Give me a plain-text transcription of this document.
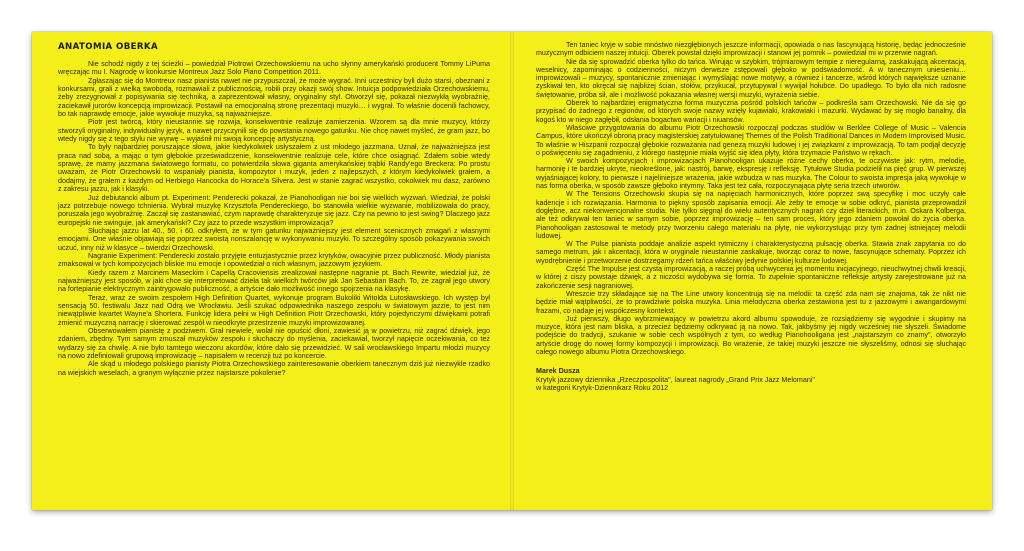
ANATOMIA OBERKA

Nie schodź nigdy z tej ścieżki – powiedział Piotrowi Orzechowskiemu na ucho słynny amerykański producent Tommy LiPuma wręczając mu I. Nagrodę w konkursie Montreux Jazz Solo Piano Competition 2011.

Zgłaszając się do Montreux nasz pianista nawet nie przypuszczał, że może wygrać. Inni uczestnicy byli dużo starsi, obeznani z konkursami, grali z wielką swobodą, rozmawiali z publicznością, robili przy okazji swój show. Intuicja podpowiedziała Orzechowskiemu, żeby zrezygnował z popisywania się techniką, a zaprezentował własny, oryginalny styl. Otworzył się, pokazał niezwykłą wyobraźnię, zaciekawił jurorów koncepcją improwizacji. Postawił na emocjonalną stronę prezentacji muzyki… i wygrał. To właśnie docenili fachowcy, bo tak naprawdę emocje, jakie wywołuje muzyka, są najważniejsze.

Piotr jest twórcą, który nieustannie się rozwija, konsekwentnie realizuje zamierzenia. Wzorem są dla mnie muzycy, którzy stworzyli oryginalny, indywidualny język, a nawet przyczynili się do powstania nowego gatunku. Nie chcę nawet myśleć, że gram jazz, bo wtedy nigdy się z tego stylu nie wyrwę – wyjaśnił mi swoją koncepcję artystyczną.

To były najbardziej poruszające słowa, jakie kiedykolwiek usłyszałem z ust młodego jazzmana. Uznał, że najważniejsza jest praca nad sobą, a mając o tym głębokie przeświadczenie, konsekwentnie realizuje cele, które chce osiągnąć. Zdałem sobie wtedy sprawę, że mamy jazzmana światowego formatu, co potwierdziła słowa gigantа amerykańskiej trąbki Randy'ego Breckera: Po prostu uważam, że Piotr Orzechowski to wspaniały pianista, kompozytor i muzyk, jeden z najlepszych, z którym kiedykolwiek grałem, a dodajmy, że grałem z każdym od Herbiego Hancocka do Horace'a Silvera. Jest w stanie zagrać wszystko, cokolwiek mu dasz, zarówno z zakresu jazzu, jak i klasyki.

Już debiutancki album pt. Experiment: Penderecki pokazał, że Pianohooligan nie boi się wielkich wyzwań. Wiedział, że polski jazz potrzebuje nowego tchnienia. Wybrał muzykę Krzysztofa Pendereckiego, bo stanowiła wielkie wyzwanie, mobilizowała do pracy, poruszała jego wyobraźnię. Zaczął się zastanawiać, czym naprawdę charakteryzuje się jazz. Czy na pewno to jest swing? Dlaczego jazz europejski nie swinguje, jak amerykański? Czy jazz to przede wszystkim improwizacja?

Słuchając jazzu lat 40., 50. i 60. odkryłem, że w tym gatunku najważniejszy jest element scenicznych zmagań z własnymi emocjami. One właśnie objawiają się poprzez swoistą nonszalancję w wykonywaniu muzyki. To szczególny sposób pokazywania swoich uczuć, inny niż w klasyce – twierdzi Orzechowski.

Nagranie Experiment: Penderecki zostało przyjęte entuzjastycznie przez krytyków, owacyjnie przez publiczność. Młody pianista zmaksował w tych kompozycjach bliskie mu emocje i opowiedział o nich własnym, jazzowym językiem.

Kiedy razem z Marcinem Maseckim i Capellą Cracoviensis zrealizował następne nagranie pt. Bach Rewrite, wiedział już, że najważniejszy jest sposób, w jaki chce się interpretować dzieła tak wielkich twórców jak Jan Sebastian Bach. To, że zagrał jego utwory na fortepianie elektrycznym zaintrygowało publiczność, a artyście dało możliwość innego spojrzenia na klasykę.

Teraz, wraz ze swoim zespołem High Definition Quartet, wykonuje program Bukoliki Witolda Lutosławskiego. Ich występ był sensacją 50. festiwalu Jazz nad Odrą we Wrocławiu. Jeśli szukać odpowiednika naszego zespołu w światowym jazzie, to jest nim niewątpliwie kwartet Wayne'a Shortera. Funkcję lidera pełni w High Definition Piotr Orzechowski, który pojedynczymi dźwiękami potrafi zmienić muzyczną narrację i skierować zespół w nieodkryte przestrzenie muzyki improwizowanej.

Obserwowałem pianistę z podziwem. Grał niewiele, wolał nie opuścić dłoni, zawiesić ją w powietrzu, niż zagrać dźwięk, jego zdaniem, zbędny. Tym samym zmuszał muzyków zespołu i słuchaczy do myślenia, zaciekawiał, tworzył napięcie oczekiwania, co też wydarzy się za chwilę. A nie było tamtego wieczoru akordów, które dało się przewidzieć. W sali wrocławskiego Impartu młodzi muzycy na nowo zdefiniowali grupową improwizację – napisałem w recenzji tuż po koncercie.

Ale skąd u młodego polskiego pianisty Piotra Orzechowskiego zainteresowanie oberkiem tanecznym dziś już niezwykle rzadko na wiejskich weselach, a granym wyłącznie przez najstarsze pokolenie?

Ten taniec kryje w sobie mnóstwo niezgłębionych jeszcze informacji, opowiada o nas fascynującą historię, będąc jednocześnie muzycznym odbiciem naszej intuicji. Oberek powstał dzięki improwizacji i stanowi jej pomnik – powiedział mi w przerwie nagrań.

Nie da się sprowadzić oberka tylko do tańca. Wirując w szybkim, trójmiarowym tempie z nieregularną, zaskakującą akcentacją, weselnicy, zapominając o codzienności, niczym derwisze zstępowali głęboko w podświadomość. A w tanecznym uniesieniu… improwizowali – muzycy, spontanicznie zmieniając i wymyślając nowe motywy, a również i tancerze, wśród których największe uznanie zyskiwał ten, kto okręcał się najbliżej ścian, stołów, przykucał, przytupywał i wywijał hołubce. Do upadłego. To było dla nich radosne świętowanie, próba sił, ale i możliwość pokazania własnej wersji muzyki, wyrażenia siebie.

Oberek to najbardziej enigmatyczna forma muzyczna pośród polskich tańców – podkreśla sam Orzechowski. Nie da się go przypisać do żadnego z regionów, od których swoje nazwy wzięły kujawiaki, krakowiaki i mazurki. Wydawać by się mogło banalny, dla kogoś kto w niego zagłębił, odsłania bogactwo wariacji i niuansów.

Właściwe przygotowania do albumu Piotr Orzechowski rozpoczął podczas studiów w Berklee College of Music – Valencia Campus, które ukończył obroną pracy magisterskiej zatytułowanej Themes of the Polish Traditional Dances in Modern Improvised Music. To właśnie w Hiszpanii rozpoczął głębokie rozważania nad genezą muzyki ludowej i jej związkami z improwizacją. To tam podjął decyzję o poświęceniu się zagadnieniu, z którego następnie miała wyjść się idea płyty, która trzymacie Państwo w rękach.

W swoich kompozycjach i improwizacjach Pianohooligan ukazuje różne cechy oberka, te oczywiste jak: rytm, melodię, harmonię i te bardziej ukryte, nieokreślone, jak: nastrój, barwę, ekspresję i refleksję. Tytułowe Studia podzielił na pięć grup. W pierwszej wyjaśniającej kolory, to pierwsze i najeliniejsze wrażenia, jakie wzbudza w nas muzyka. The Colour to swoista impresja jaką wywołuje w nas forma oberka, w sposób zawsze głęboko intymny. Taka jest też cała, rozpoczynająca płytę seria trzech utworów.

W The Tensions Orzechowski skupia się na napięciach harmonicznych, które poprzez swą specyfikę i moc uczyły całe kadencje i ich rozwiązania. Harmonia to piękny sposób zapisania emocji. Ale żeby te emocje w sobie odkryć, pianista przeprowadził dogłębne, acz niekonwencjonalne studia. Nie tylko sięgnął do wielu autentycznych nagrań czy dzieł literackich, m.in. Oskara Kolberga, ale też odkrywał ten taniec w samym sobie, poprzez improwizację – ten sam proces, który jego zdaniem powołał do życia oberka. Pianohooligan zastosował te metody przy tworzeniu całego materiału na płytę, nie wykorzystując przy tym żadnej istniejącej melodii ludowej.

W The Pulse pianista poddaje analizie aspekt rytmiczny i charakterystyczną pulsację oberka. Stawia znak zapytania co do samego metrum, jak i akcentacji, która w oryginale nieustannie zaskakuje, tworząc coraz to nowe, fascynujące schematy. Poprzez ich wyodrębnienie i przetworzenie dostrzegamy rdzeń tańca właściwy jedynie polskiej kulturze ludowej.

Część The Impulse jest czystą improwizacją, a raczej próbą uchwycenia jej momentu inicjacyjnego, nieuchwytnej chwili kreacji, w której z ciszy powstaje dźwięk, a z niczości wydobywa się forma. To zupełnie spontaniczne refleksje artysty zarejestrowane już na zakończenie sesji nagraniowej.

Wreszcie trzy składające się na The Line utwory koncentrują się na melodii: ta część zda nam się znajoma, tak że nikt nie będzie miał wątpliwości, że to prawdziwie polska muzyka. Linia melodyczna oberka zestawiona jest tu z jazzowymi i awangardowymi frazami, co nadaje jej współczesny kontekst.

Już pierwszy, długo wybrzmiewający w powietrzu akord albumu spowoduje, że rozsiądziemy się wygodnie i skupimy na muzyce, która jest nam bliska, a przecież będziemy odkrywać ją na nowo. Tak, jakbyśmy jej nigdy wcześniej nie słyszeli. Świadome podejście do tradycji, szukanie w sobie cech wspólnych z tym, co według Pianohooligana jest „najstarszym co znamy", otworzyło artyście drogę do nowej formy kompozycji i improwizacji. Bo wrażenie, że takiej muzyki jeszcze nie słyszeliśmy, odnosi się słuchając całego nowego albumu Piotra Orzechowskiego.

Marek Dusza
Krytyk jazzowy dziennika „Rzeczpospolita", laureat nagrody „Grand Prix Jazz Melomani"
w kategorii Krytyk-Dziennikarz Roku 2012
